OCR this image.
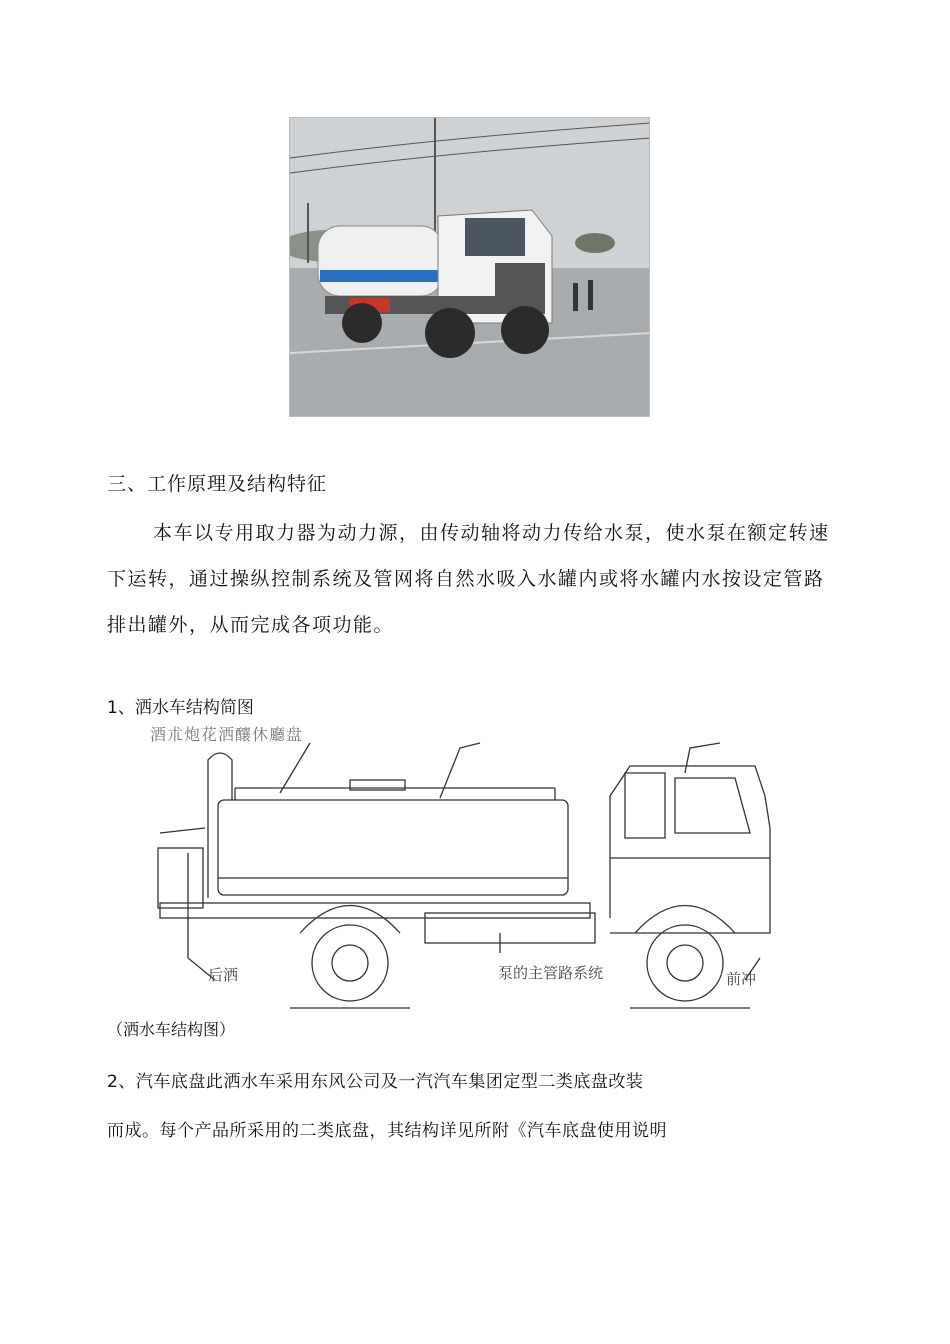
三、工作原理及结构特征
本车以专用取力器为动力源，由传动轴将动力传给水泵，使水泵在额定转速下运转，通过操纵控制系统及管网将自然水吸入水罐内或将水罐内水按设定管路排出罐外，从而完成各项功能。
1、洒水车结构简图
酒朮炮花洒釀休廳盘
后洒	泵的主管路系统	前冲
（洒水车结构图）
2、汽车底盘此洒水车采用东风公司及一汽汽车集团定型二类底盘改装
而成。每个产品所采用的二类底盘，其结构详见所附《汽车底盘使用说明
